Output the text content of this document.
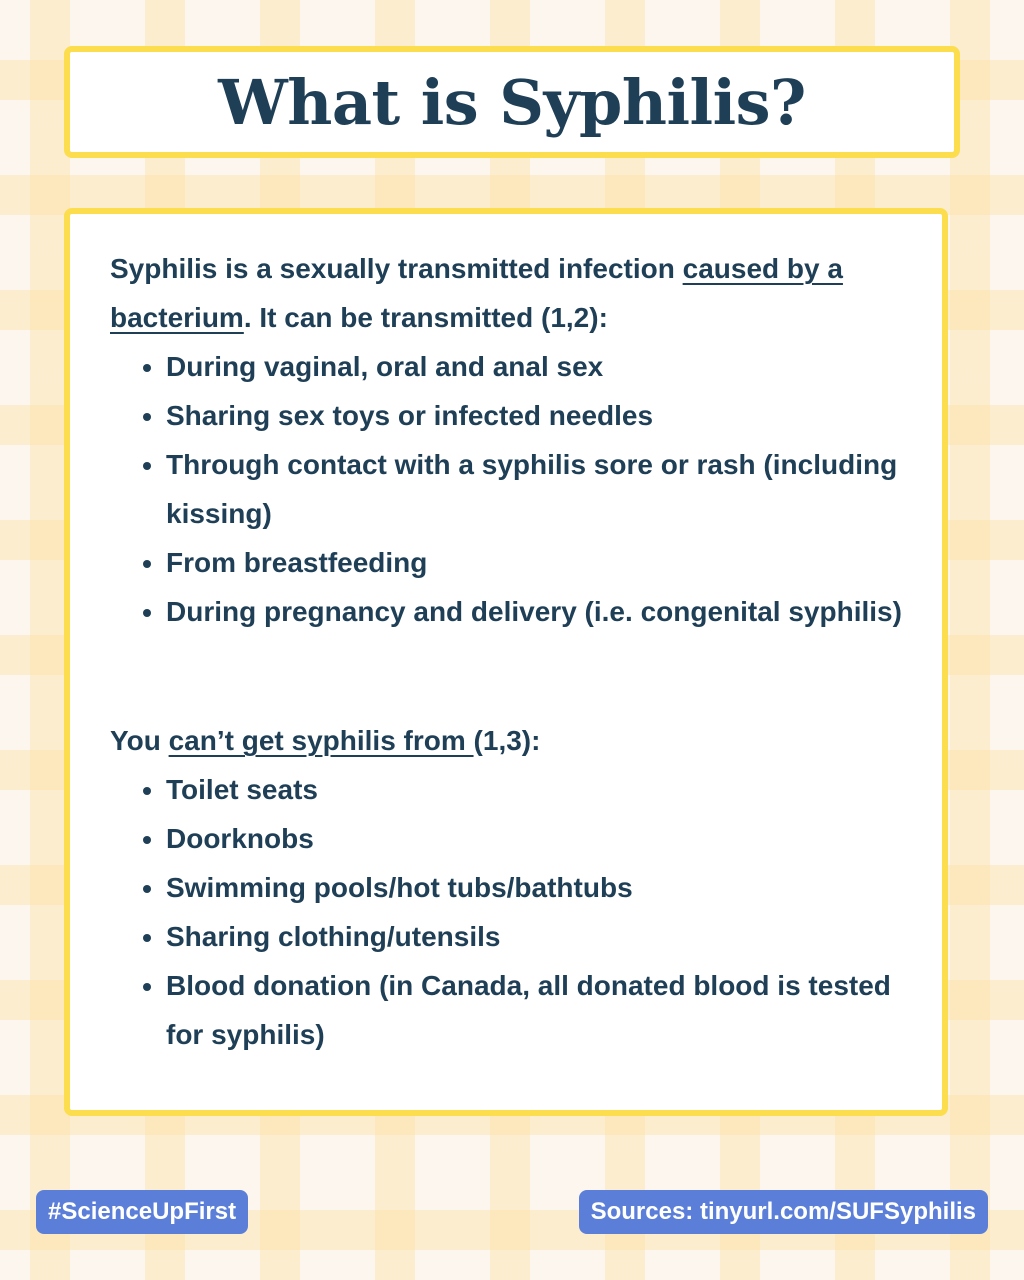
What is Syphilis?

Syphilis is a sexually transmitted infection caused by a bacterium. It can be transmitted (1,2):

• During vaginal, oral and anal sex
• Sharing sex toys or infected needles
• Through contact with a syphilis sore or rash (including kissing)
• From breastfeeding
• During pregnancy and delivery (i.e. congenital syphilis)

You can’t get syphilis from (1,3):

• Toilet seats
• Doorknobs
• Swimming pools/hot tubs/bathtubs
• Sharing clothing/utensils
• Blood donation (in Canada, all donated blood is tested for syphilis)
#ScienceUpFirst	Sources: tinyurl.com/SUFSyphilis
